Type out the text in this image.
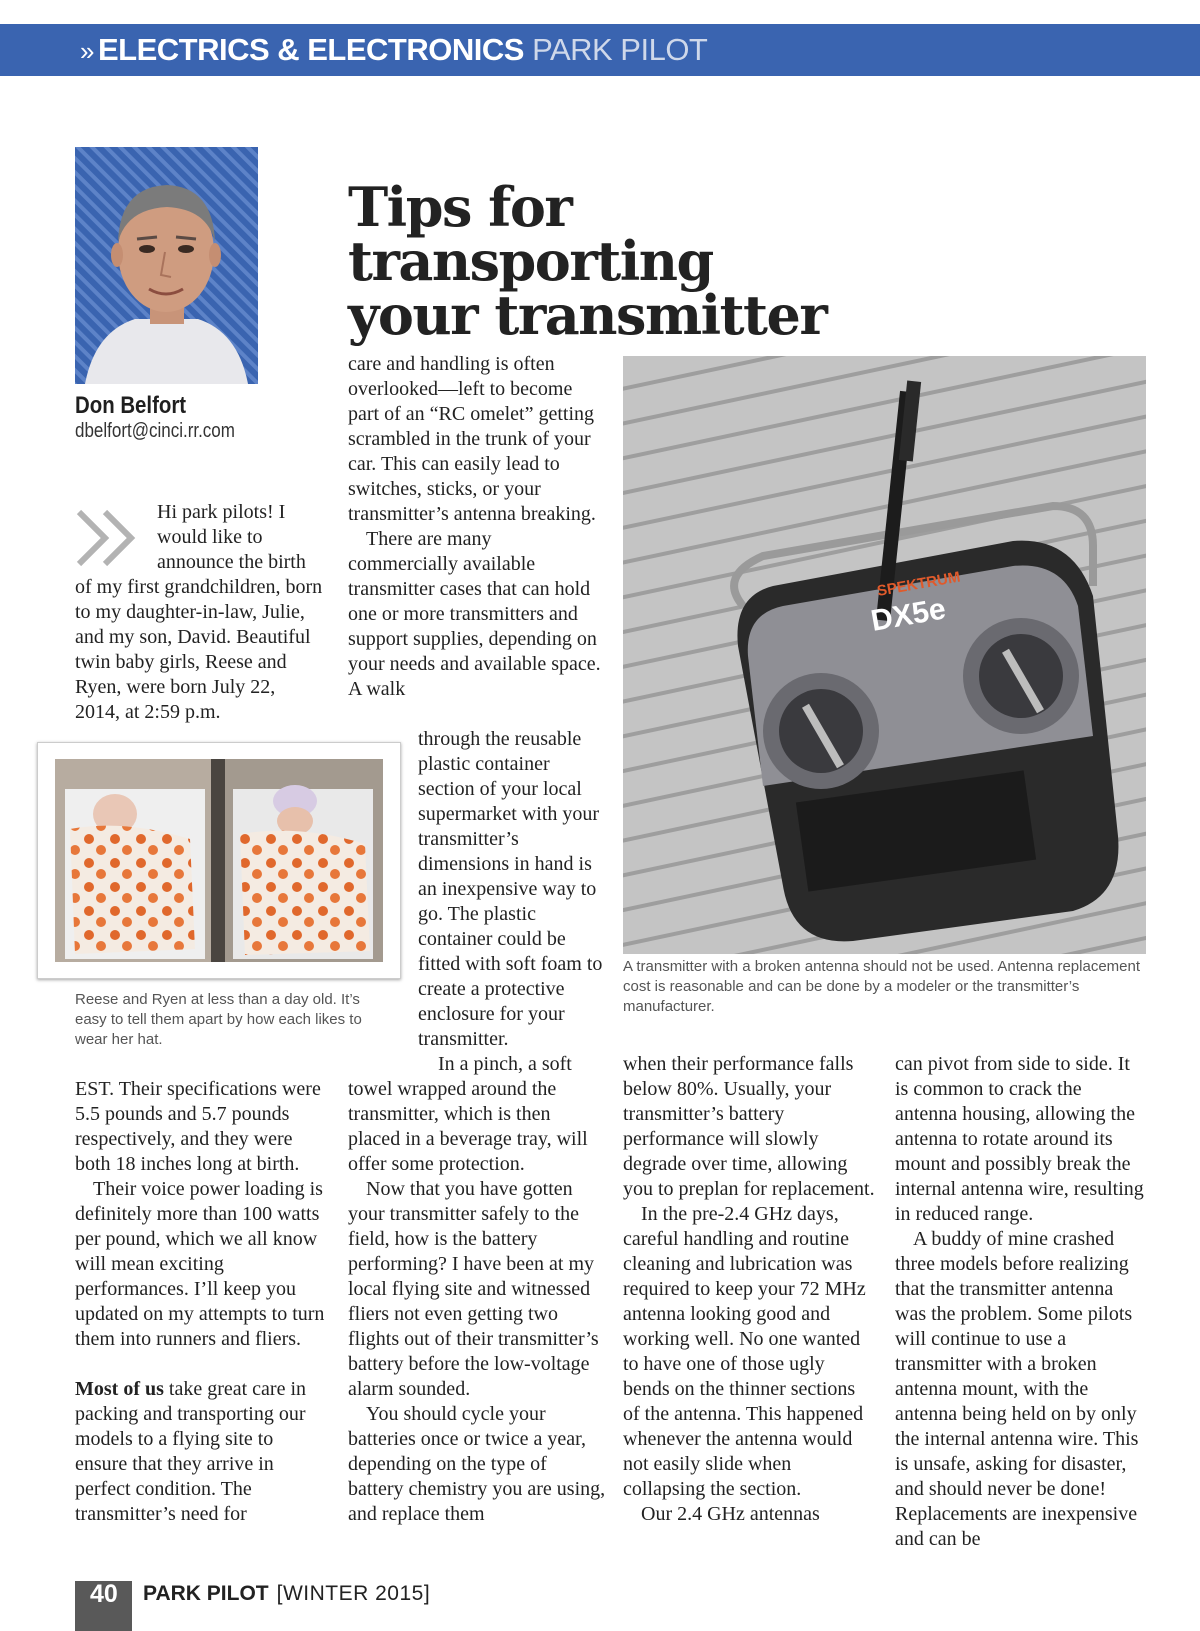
» ELECTRICS & ELECTRONICS PARK PILOT
Don Belfort
dbelfort@cinci.rr.com
Tips for transporting
your transmitter

Hi park pilots! I would like to announce the birth of my first grandchildren, born to my daughter-in-law, Julie, and my son, David. Beautiful twin baby girls, Reese and Ryen, were born July 22, 2014, at 2:59 p.m.

Reese and Ryen at less than a day old. It’s easy to tell them apart by how each likes to wear her hat.
SPEKTRUM
DX5e
A transmitter with a broken antenna should not be used. Antenna replacement cost is reasonable and can be done by a modeler or the transmitter’s manufacturer.

EST. Their specifications were 5.5 pounds and 5.7 pounds respectively, and they were both 18 inches long at birth.

Their voice power loading is definitely more than 100 watts per pound, which we all know will mean exciting performances. I’ll keep you updated on my attempts to turn them into runners and fliers.

Most of us take great care in packing and transporting our models to a flying site to ensure that they arrive in perfect condition. The transmitter’s need for

care and handling is often overlooked—left to become part of an “RC omelet” getting scrambled in the trunk of your car. This can easily lead to switches, sticks, or your transmitter’s antenna breaking.

There are many commercially available transmitter cases that can hold one or more transmitters and support supplies, depending on your needs and available space. A walk

through the reusable plastic container section of your local supermarket with your transmitter’s dimensions in hand is an inexpensive way to go. The plastic container could be fitted with soft foam to create a protective enclosure for your transmitter.

In a pinch, a soft towel wrapped around the transmitter, which is then placed in a beverage tray, will offer some protection.

Now that you have gotten your transmitter safely to the field, how is the battery performing? I have been at my local flying site and witnessed fliers not even getting two flights out of their transmitter’s battery before the low-voltage alarm sounded.

You should cycle your batteries once or twice a year, depending on the type of battery chemistry you are using, and replace them

when their performance falls below 80%. Usually, your transmitter’s battery performance will slowly degrade over time, allowing you to preplan for replacement.

In the pre-2.4 GHz days, careful handling and routine cleaning and lubrication was required to keep your 72 MHz antenna looking good and working well. No one wanted to have one of those ugly bends on the thinner sections of the antenna. This happened whenever the antenna would not easily slide when collapsing the section.

Our 2.4 GHz antennas

can pivot from side to side. It is common to crack the antenna housing, allowing the antenna to rotate around its mount and possibly break the internal antenna wire, resulting in reduced range.

A buddy of mine crashed three models before realizing that the transmitter antenna was the problem. Some pilots will continue to use a transmitter with a broken antenna mount, with the antenna being held on by only the internal antenna wire. This is unsafe, asking for disaster, and should never be done! Replacements are inexpensive and can be

40 PARK PILOT [WINTER 2015]
